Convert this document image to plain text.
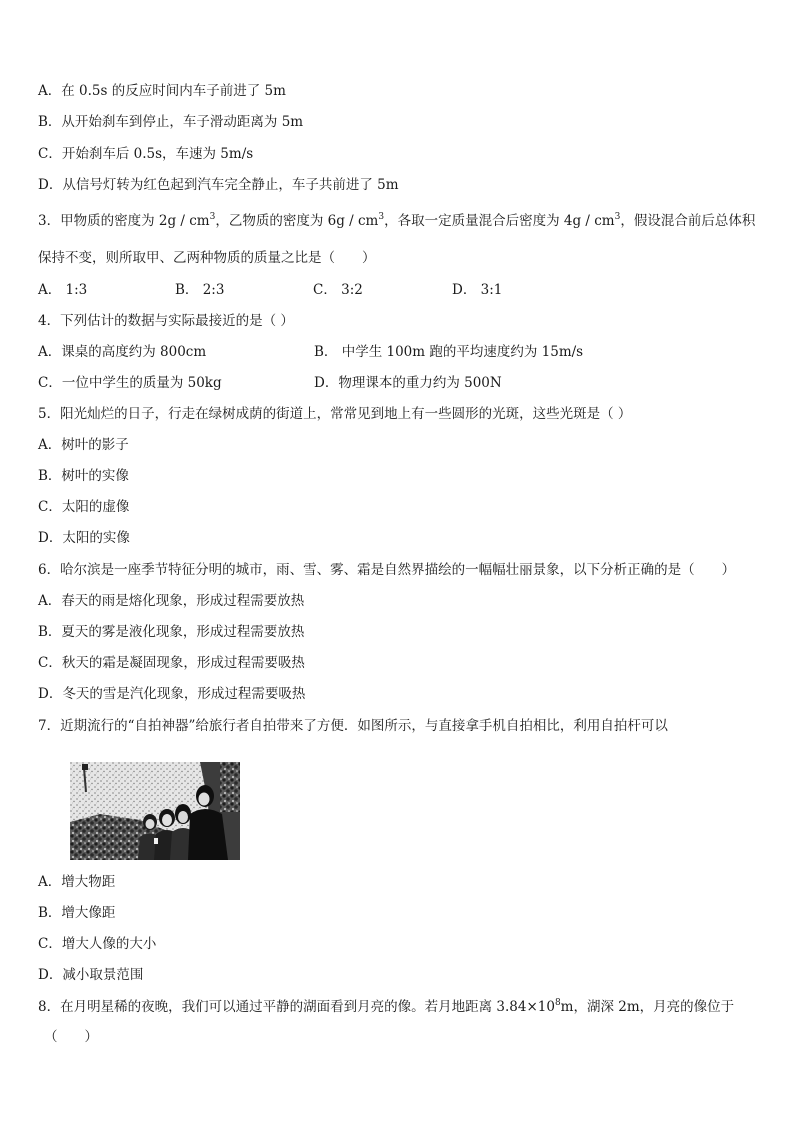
A．在 0.5s 的反应时间内车子前进了 5m
B．从开始刹车到停止，车子滑动距离为 5m
C．开始刹车后 0.5s，车速为 5m/s
D．从信号灯转为红色起到汽车完全静止，车子共前进了 5m
3．甲物质的密度为 $2g / cm^3$，乙物质的密度为 $6g / cm^3$，各取一定质量混合后密度为 $4g / cm^3$，假设混合前后总体积
保持不变，则所取甲、乙两种物质的质量之比是（　　）
A． 1:3	B． 2:3	C． 3:2	D． 3:1
4．下列估计的数据与实际最接近的是（ ）
A．课桌的高度约为 800cm	B． 中学生 100m 跑的平均速度约为 15m/s
C．一位中学生的质量为 50kg	D．物理课本的重力约为 500N
5．阳光灿烂的日子，行走在绿树成荫的街道上，常常见到地上有一些圆形的光斑，这些光斑是（ ）
A．树叶的影子
B．树叶的实像
C．太阳的虚像
D．太阳的实像
6．哈尔滨是一座季节特征分明的城市，雨、雪、雾、霜是自然界描绘的一幅幅壮丽景象，以下分析正确的是（　　）
A．春天的雨是熔化现象，形成过程需要放热
B．夏天的雾是液化现象，形成过程需要放热
C．秋天的霜是凝固现象，形成过程需要吸热
D．冬天的雪是汽化现象，形成过程需要吸热
7．近期流行的“自拍神器”给旅行者自拍带来了方便．如图所示，与直接拿手机自拍相比，利用自拍杆可以
A．增大物距
B．增大像距
C．增大人像的大小
D．减小取景范围
8．在月明星稀的夜晚，我们可以通过平静的湖面看到月亮的像。若月地距离 $3.84\times 10^8m$，湖深 2m，月亮的像位于
（　　）
